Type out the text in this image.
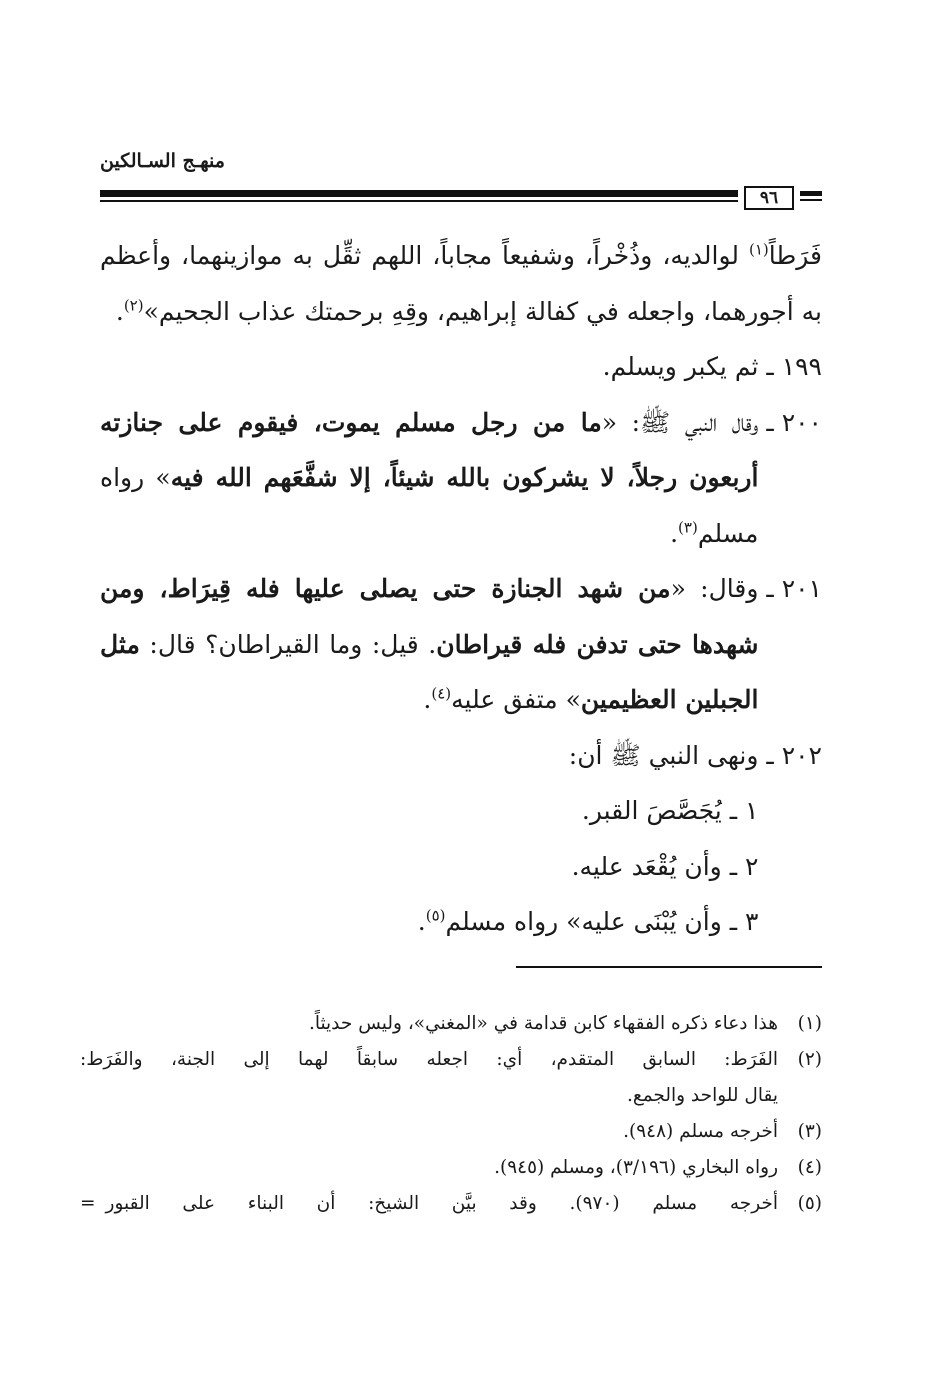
منهـج السـالكين
٩٦

فَرَطاً$^{(١)}$ لوالديه، وذُخْراً، وشفيعاً مجاباً، اللهم ثقِّل به موازينهما، وأعظم به أجورهما، واجعله في كفالة إبراهيم، وقِهِ برحمتك عذاب الجحيم»$^{(٢)}$.

١٩٩ ـ
ثم يكبر ويسلم.
٢٠٠ ـ
وقال النبي ﷺ: «ما من رجل مسلم يموت، فيقوم على جنازته أربعون رجلاً، لا يشركون بالله شيئاً، إلا شفَّعَهم الله فيه» رواه مسلم$^{(٣)}$.
٢٠١ ـ
وقال: «من شهد الجنازة حتى يصلى عليها فله قِيرَاط، ومن شهدها حتى تدفن فله قيراطان. قيل: وما القيراطان؟ قال: مثل الجبلين العظيمين» متفق عليه$^{(٤)}$.
٢٠٢ ـ
ونهى النبي ﷺ أن:
١ ـ يُجَصَّصَ القبر.
٢ ـ وأن يُقْعَد عليه.
٣ ـ وأن يُبْنَى عليه» رواه مسلم$^{(٥)}$.
(١)
هذا دعاء ذكره الفقهاء كابن قدامة في «المغني»، وليس حديثاً.
(٢)
الفَرَط: السابق المتقدم، أي: اجعله سابقاً لهما إلى الجنة، والفَرَط:
يقال للواحد والجمع.
(٣)
أخرجه مسلم (٩٤٨).
(٤)
رواه البخاري (٣/١٩٦)، ومسلم (٩٤٥).
(٥)
أخرجه مسلم (٩٧٠). وقد بيَّن الشيخ: أن البناء على القبور=
